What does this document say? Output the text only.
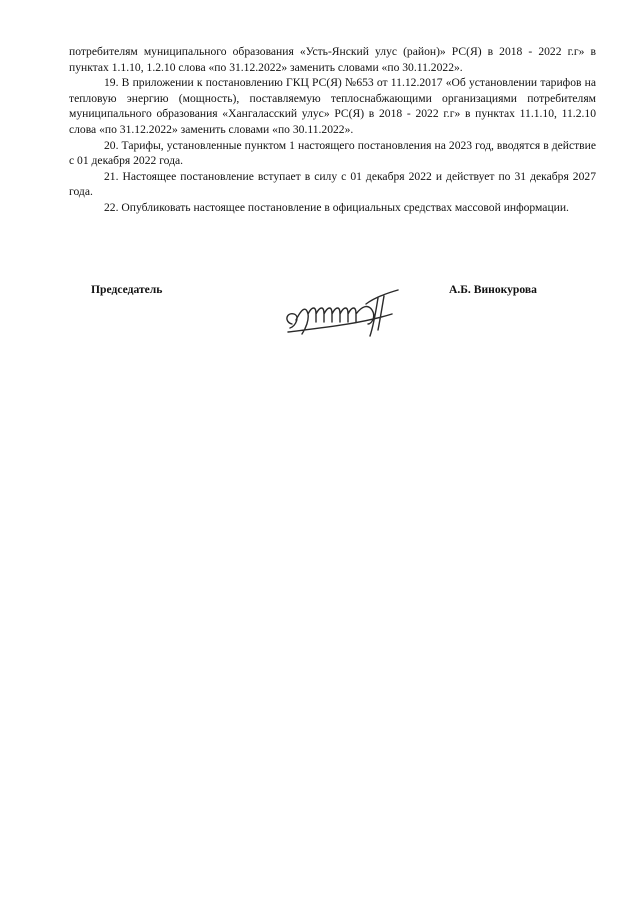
потребителям муниципального образования «Усть-Янский улус (район)» РС(Я) в 2018 - 2022 г.г» в пунктах 1.1.10, 1.2.10 слова «по 31.12.2022» заменить словами «по 30.11.2022».

19. В приложении к постановлению ГКЦ РС(Я) №653 от 11.12.2017 «Об установлении тарифов на тепловую энергию (мощность), поставляемую теплоснабжающими организациями потребителям муниципального образования «Хангаласский улус» РС(Я) в 2018 - 2022 г.г» в пунктах 11.1.10, 11.2.10 слова «по 31.12.2022» заменить словами «по 30.11.2022».

20. Тарифы, установленные пунктом 1 настоящего постановления на 2023 год, вводятся в действие с 01 декабря 2022 года.

21. Настоящее постановление вступает в силу с 01 декабря 2022 и действует по 31 декабря 2027 года.

22. Опубликовать настоящее постановление в официальных средствах массовой информации.

Председатель	А.Б. Винокурова
